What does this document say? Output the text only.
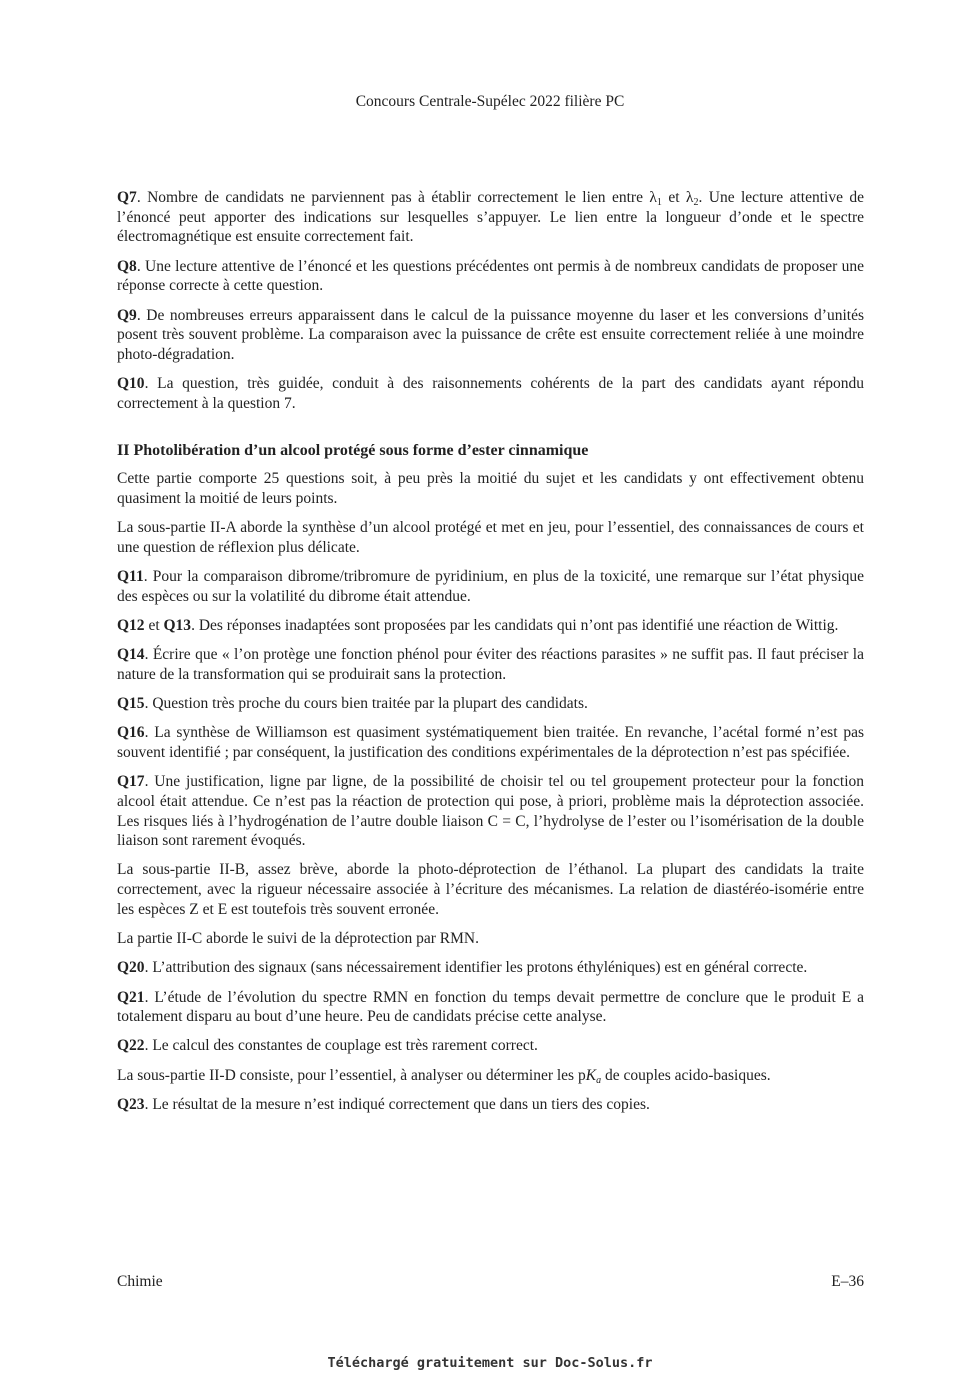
Concours Centrale-Supélec 2022 filière PC

Q7. Nombre de candidats ne parviennent pas à établir correctement le lien entre $\lambda_1$ et $\lambda_2$. Une lecture attentive de l’énoncé peut apporter des indications sur lesquelles s’appuyer. Le lien entre la longueur d’onde et le spectre électromagnétique est ensuite correctement fait.

Q8. Une lecture attentive de l’énoncé et les questions précédentes ont permis à de nombreux candidats de proposer une réponse correcte à cette question.

Q9. De nombreuses erreurs apparaissent dans le calcul de la puissance moyenne du laser et les conversions d’unités posent très souvent problème. La comparaison avec la puissance de crête est ensuite correctement reliée à une moindre photo-dégradation.

Q10. La question, très guidée, conduit à des raisonnements cohérents de la part des candidats ayant répondu correctement à la question 7.

II Photolibération d’un alcool protégé sous forme d’ester cinnamique

Cette partie comporte 25 questions soit, à peu près la moitié du sujet et les candidats y ont effectivement obtenu quasiment la moitié de leurs points.

La sous-partie II-A aborde la synthèse d’un alcool protégé et met en jeu, pour l’essentiel, des connaissances de cours et une question de réflexion plus délicate.

Q11. Pour la comparaison dibrome/tribromure de pyridinium, en plus de la toxicité, une remarque sur l’état physique des espèces ou sur la volatilité du dibrome était attendue.

Q12 et Q13. Des réponses inadaptées sont proposées par les candidats qui n’ont pas identifié une réaction de Wittig.

Q14. Écrire que « l’on protège une fonction phénol pour éviter des réactions parasites » ne suffit pas. Il faut préciser la nature de la transformation qui se produirait sans la protection.

Q15. Question très proche du cours bien traitée par la plupart des candidats.

Q16. La synthèse de Williamson est quasiment systématiquement bien traitée. En revanche, l’acétal formé n’est pas souvent identifié ; par conséquent, la justification des conditions expérimentales de la déprotection n’est pas spécifiée.

Q17. Une justification, ligne par ligne, de la possibilité de choisir tel ou tel groupement protecteur pour la fonction alcool était attendue. Ce n’est pas la réaction de protection qui pose, à priori, problème mais la déprotection associée. Les risques liés à l’hydrogénation de l’autre double liaison C = C, l’hydrolyse de l’ester ou l’isomérisation de la double liaison sont rarement évoqués.

La sous-partie II-B, assez brève, aborde la photo-déprotection de l’éthanol. La plupart des candidats la traite correctement, avec la rigueur nécessaire associée à l’écriture des mécanismes. La relation de diastéréo-isomérie entre les espèces Z et E est toutefois très souvent erronée.

La partie II-C aborde le suivi de la déprotection par RMN.

Q20. L’attribution des signaux (sans nécessairement identifier les protons éthyléniques) est en général correcte.

Q21. L’étude de l’évolution du spectre RMN en fonction du temps devait permettre de conclure que le produit E a totalement disparu au bout d’une heure. Peu de candidats précise cette analyse.

Q22. Le calcul des constantes de couplage est très rarement correct.

La sous-partie II-D consiste, pour l’essentiel, à analyser ou déterminer les $pK_a$ de couples acido-basiques.

Q23. Le résultat de la mesure n’est indiqué correctement que dans un tiers des copies.

Chimie	E–36
Téléchargé gratuitement sur Doc-Solus.fr
